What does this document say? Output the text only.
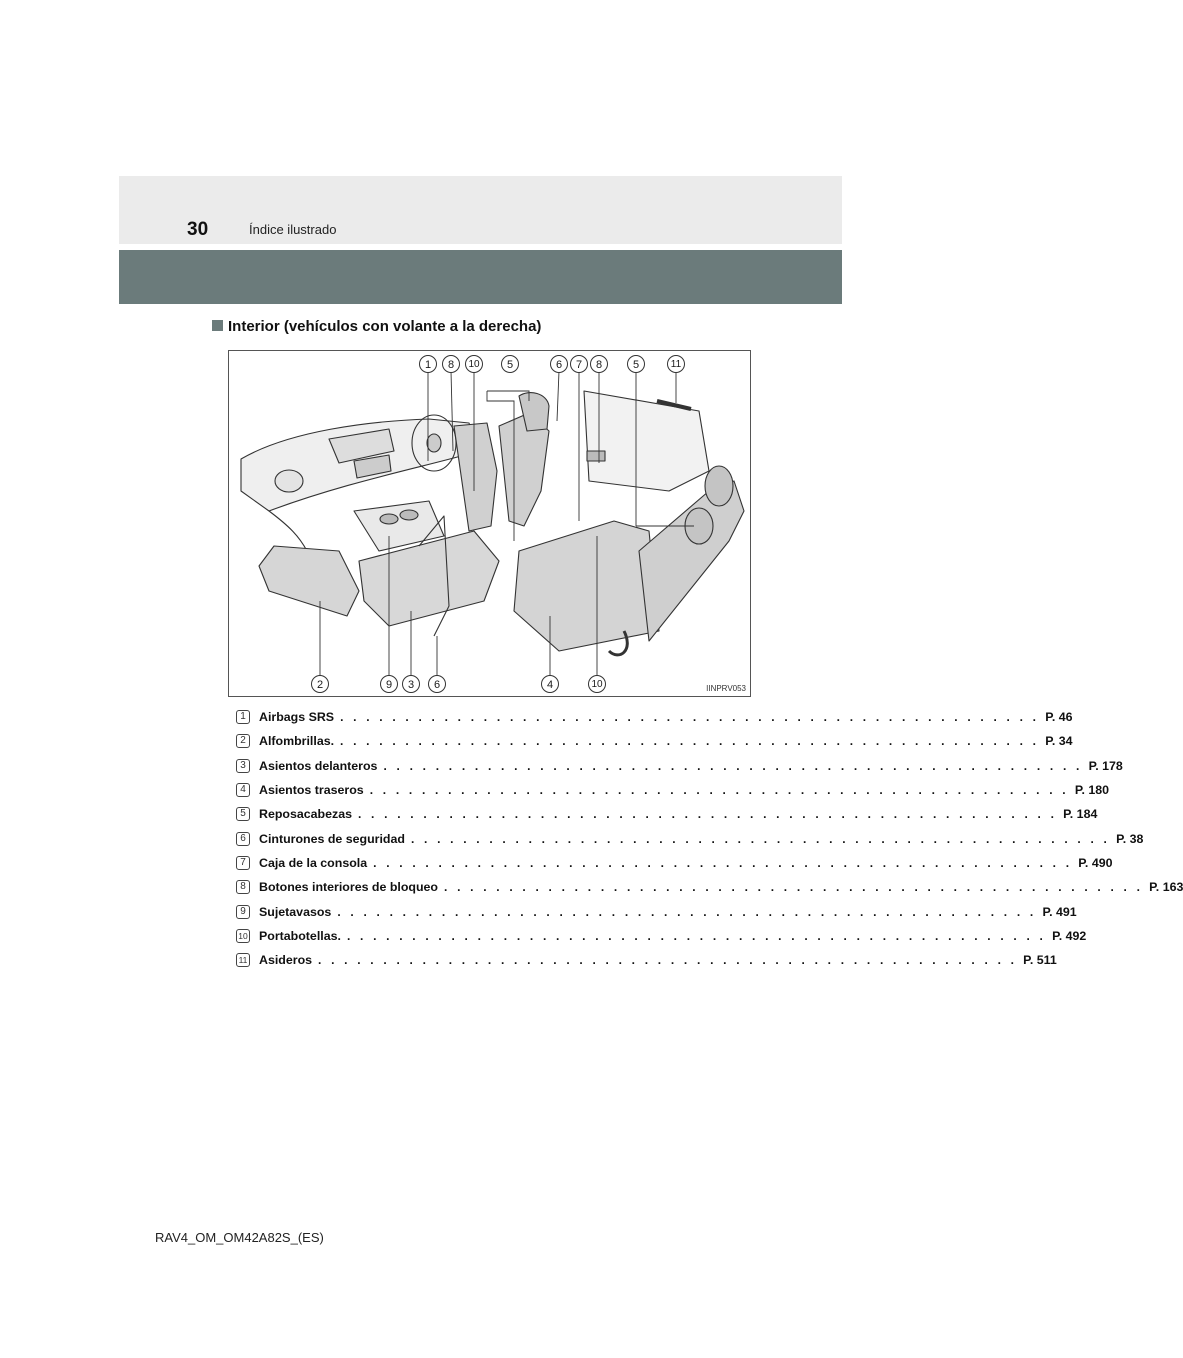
30	Índice ilustrado
Interior (vehículos con volante a la derecha)
1	8	10	5	6	7	8	5	11
2	9	3	6	4	10	IINPRV053
1	Airbags SRS . . . . . . . . . . . . . . . . . . . . . . . . . . . . . . . . . . . . . . . . . . . . . . . . . . . . . . P. 46
2	Alfombrillas. . . . . . . . . . . . . . . . . . . . . . . . . . . . . . . . . . . . . . . . . . . . . . . . . . . . . . . P. 34
3	Asientos delanteros . . . . . . . . . . . . . . . . . . . . . . . . . . . . . . . . . . . . . . . . . . . . . . . . . . . . . . P. 178
4	Asientos traseros . . . . . . . . . . . . . . . . . . . . . . . . . . . . . . . . . . . . . . . . . . . . . . . . . . . . . . P. 180
5	Reposacabezas . . . . . . . . . . . . . . . . . . . . . . . . . . . . . . . . . . . . . . . . . . . . . . . . . . . . . . P. 184
6	Cinturones de seguridad . . . . . . . . . . . . . . . . . . . . . . . . . . . . . . . . . . . . . . . . . . . . . . . . . . . . . . P. 38
7	Caja de la consola . . . . . . . . . . . . . . . . . . . . . . . . . . . . . . . . . . . . . . . . . . . . . . . . . . . . . . P. 490
8	Botones interiores de bloqueo . . . . . . . . . . . . . . . . . . . . . . . . . . . . . . . . . . . . . . . . . . . . . . . . . . . . . . P. 163
9	Sujetavasos . . . . . . . . . . . . . . . . . . . . . . . . . . . . . . . . . . . . . . . . . . . . . . . . . . . . . . P. 491
10 Portabotellas. . . . . . . . . . . . . . . . . . . . . . . . . . . . . . . . . . . . . . . . . . . . . . . . . . . . . . . P. 492
11 Asideros . . . . . . . . . . . . . . . . . . . . . . . . . . . . . . . . . . . . . . . . . . . . . . . . . . . . . . P. 511
RAV4_OM_OM42A82S_(ES)
